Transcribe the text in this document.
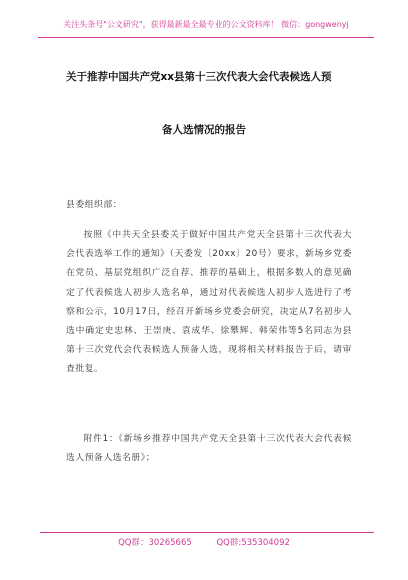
关注头条号"公文研究"，获得最新最全最专业的公文资料库！ 微信：gongwenyj
关于推荐中国共产党xx县第十三次代表大会代表候选人预
备人选情况的报告
县委组织部：
按照《中共天全县委关于做好中国共产党天全县第十三次代表大会代表选举工作的通知》（天委发〔20xx〕20号）要求，新场乡党委在党员、基层党组织广泛自荐、推荐的基础上，根据多数人的意见确定了代表候选人初步人选名单，通过对代表候选人初步人选进行了考察和公示，10月17日，经召开新场乡党委会研究，决定从7名初步人选中确定史忠林、王崇庚、袁成华、徐攀辉、韩荣伟等5名同志为县第十三次党代会代表候选人预备人选，现将相关材料报告于后，请审查批复。
附件1：《新场乡推荐中国共产党天全县第十三次代表大会代表候选人预备人选名册》；
QQ群：30265665	QQ群:535304092
